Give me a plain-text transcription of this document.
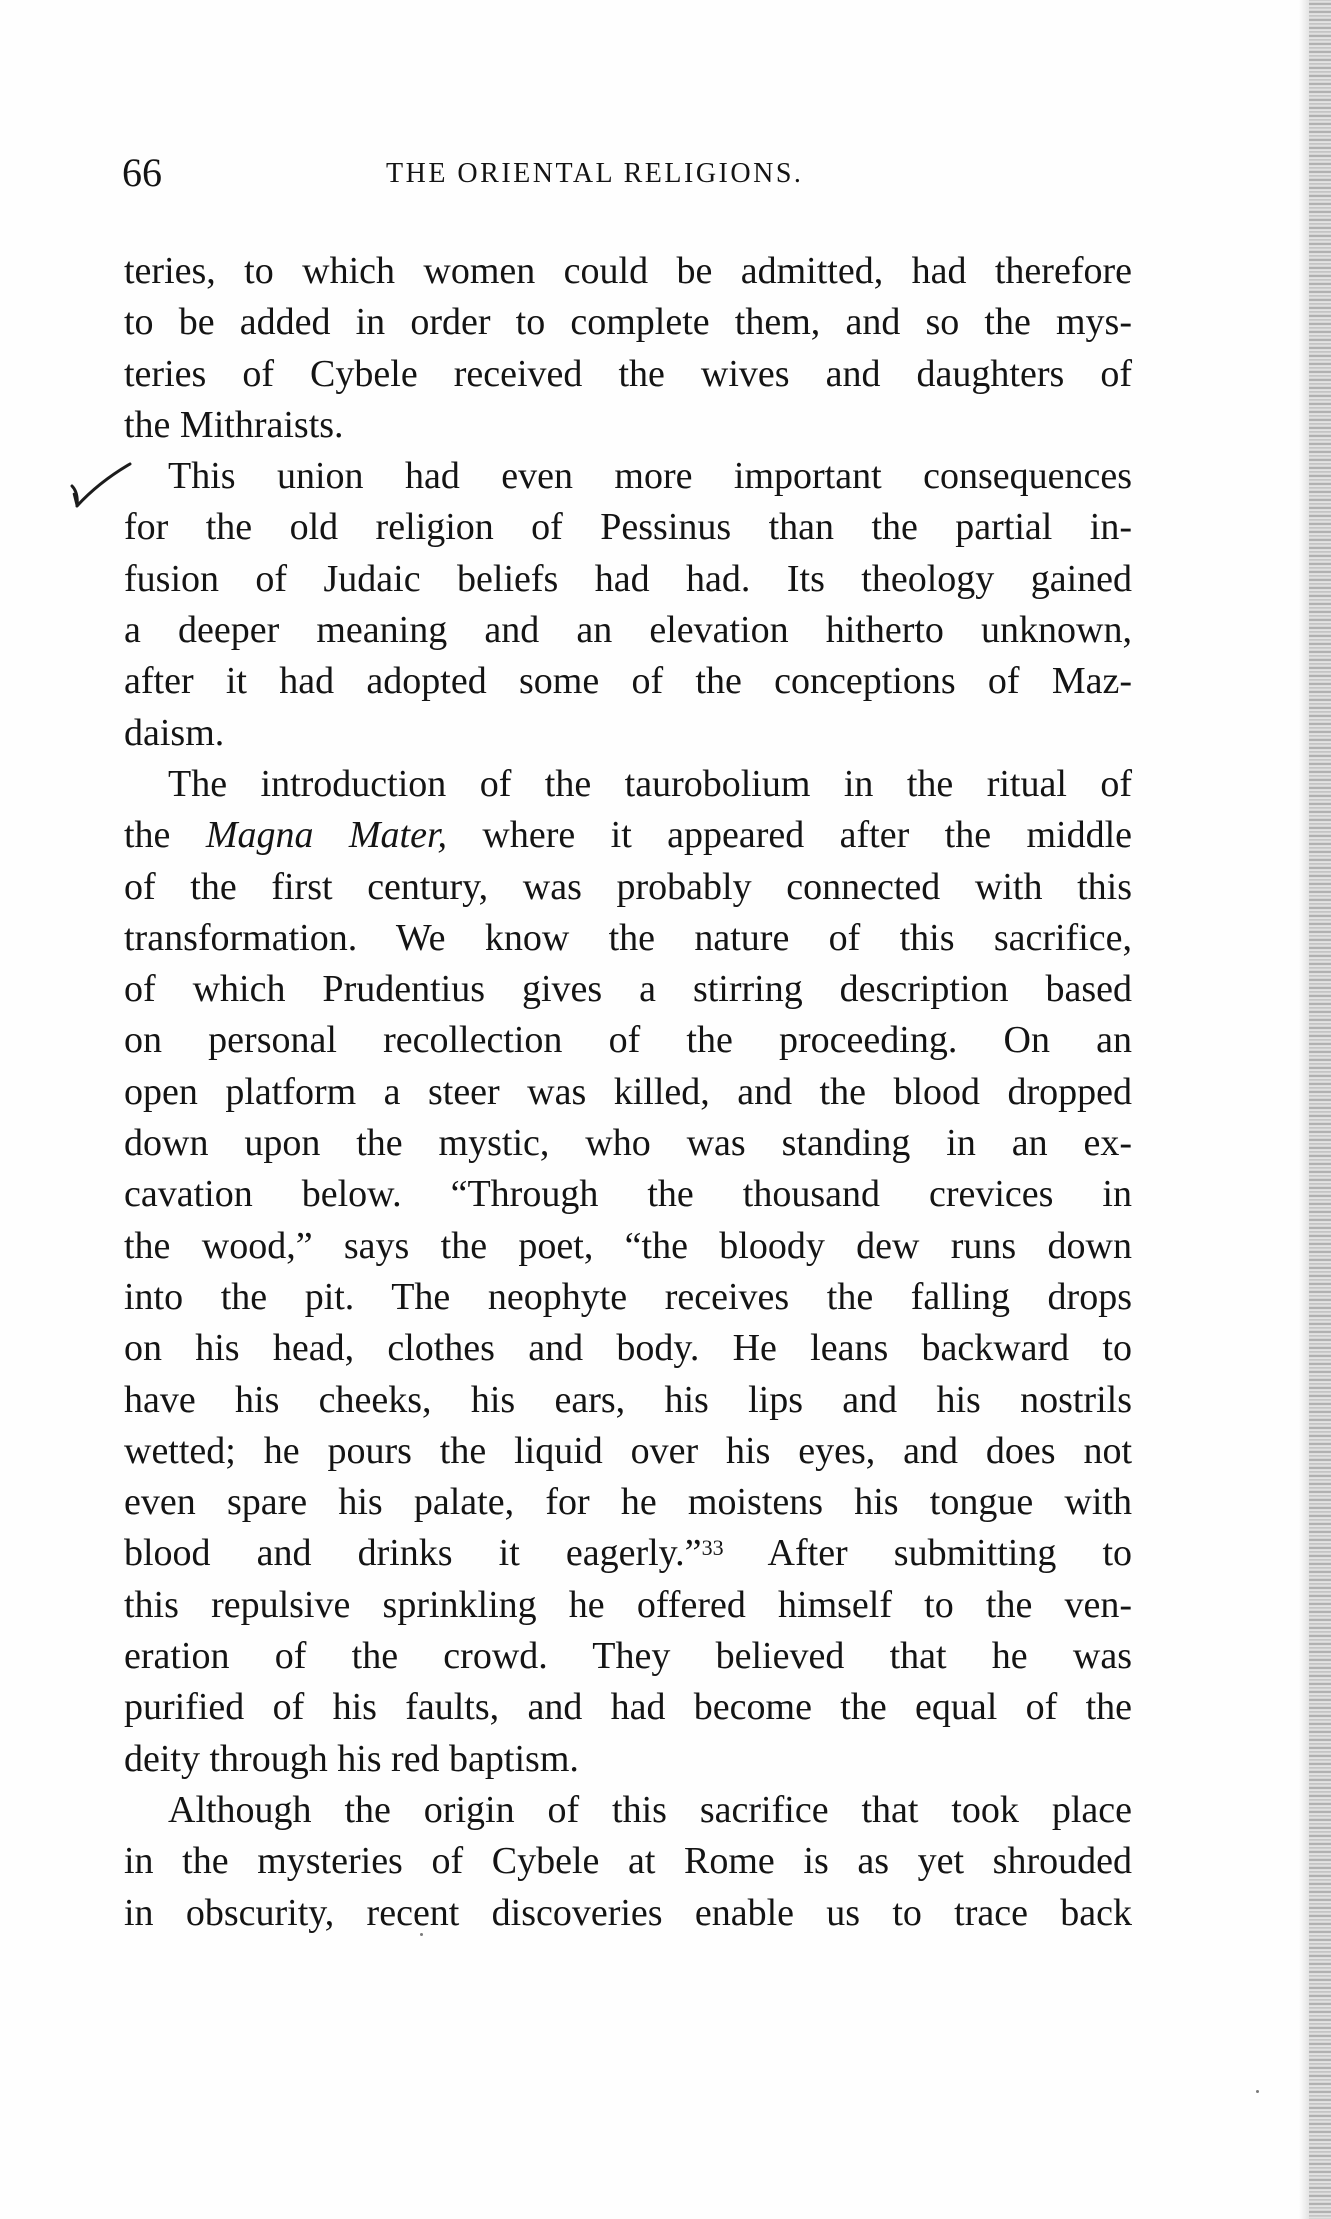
66	THE ORIENTAL RELIGIONS.
teries, to which women could be admitted, had therefore
to be added in order to complete them, and so the mys-
teries of Cybele received the wives and daughters of
the Mithraists.
This union had even more important consequences
for the old religion of Pessinus than the partial in-
fusion of Judaic beliefs had had. Its theology gained
a deeper meaning and an elevation hitherto unknown,
after it had adopted some of the conceptions of Maz-
daism.
The introduction of the taurobolium in the ritual of
the Magna Mater, where it appeared after the middle
of the first century, was probably connected with this
transformation. We know the nature of this sacrifice,
of which Prudentius gives a stirring description based
on personal recollection of the proceeding. On an
open platform a steer was killed, and the blood dropped
down upon the mystic, who was standing in an ex-
cavation below. “Through the thousand crevices in
the wood,” says the poet, “the bloody dew runs down
into the pit. The neophyte receives the falling drops
on his head, clothes and body. He leans backward to
have his cheeks, his ears, his lips and his nostrils
wetted; he pours the liquid over his eyes, and does not
even spare his palate, for he moistens his tongue with
blood and drinks it eagerly.”$^{33}$ After submitting to
this repulsive sprinkling he offered himself to the ven-
eration of the crowd. They believed that he was
purified of his faults, and had become the equal of the
deity through his red baptism.
Although the origin of this sacrifice that took place
in the mysteries of Cybele at Rome is as yet shrouded
in obscurity, recent discoveries enable us to trace back
